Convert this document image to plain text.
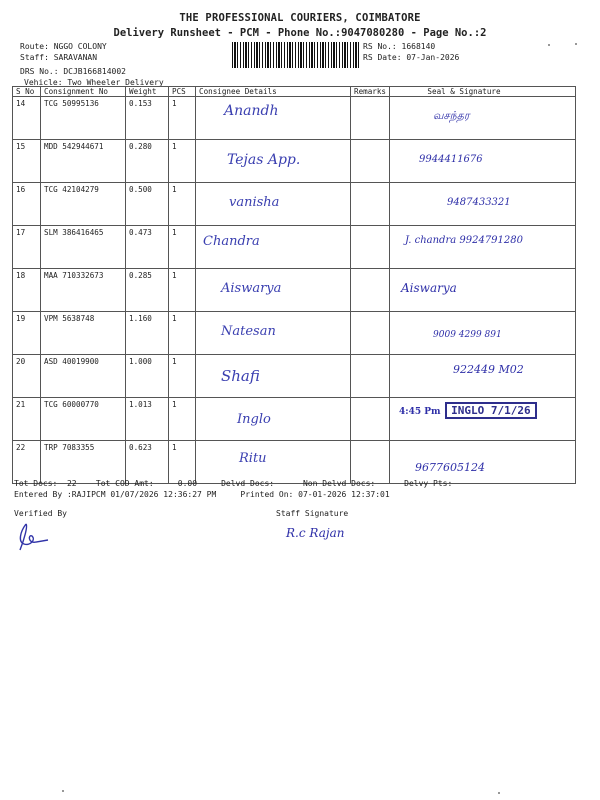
THE PROFESSIONAL COURIERS, COIMBATORE
Delivery Runsheet - PCM - Phone No.:9047080280 - Page No.:2
Route: NGGO COLONY
Staff: SARAVANAN
DRS No.: DCJB166814002
Vehicle: Two Wheeler Delivery
RS No.: 1668140
RS Date: 07-Jan-2026
S No	Consignment No	Weight	PCS	Consignee Details	Remarks	Seal & Signature
14	TCG 50995136	0.153	1	Anandh		வசந்தர

15	MDD 542944671	0.280	1	Tejas App.		9944411676

16	TCG 42104279	0.500	1	vanisha		9487433321

17	SLM 386416465	0.473	1	Chandra		J. chandra 9924791280

18	MAA 710332673	0.285	1	Aiswarya		Aiswarya

19	VPM 5638748	1.160	1	Natesan		9009 4299 891

20	ASD 40019900	1.000	1	Shafi		922449 M02

21	TCG 60000770	1.013	1	Inglo		4:45 Pm INGLO 7/1/26

22	TRP 7083355	0.623	1	Ritu		9677605124
Tot Docs:  22    Tot COD Amt:     0.00     Delvd Docs:      Non Delvd Docs:      Delvy Pts:
Entered By :RAJIPCM 01/07/2026 12:36:27 PM     Printed On: 07-01-2026 12:37:01
Verified By	Staff Signature
R.c Rajan
